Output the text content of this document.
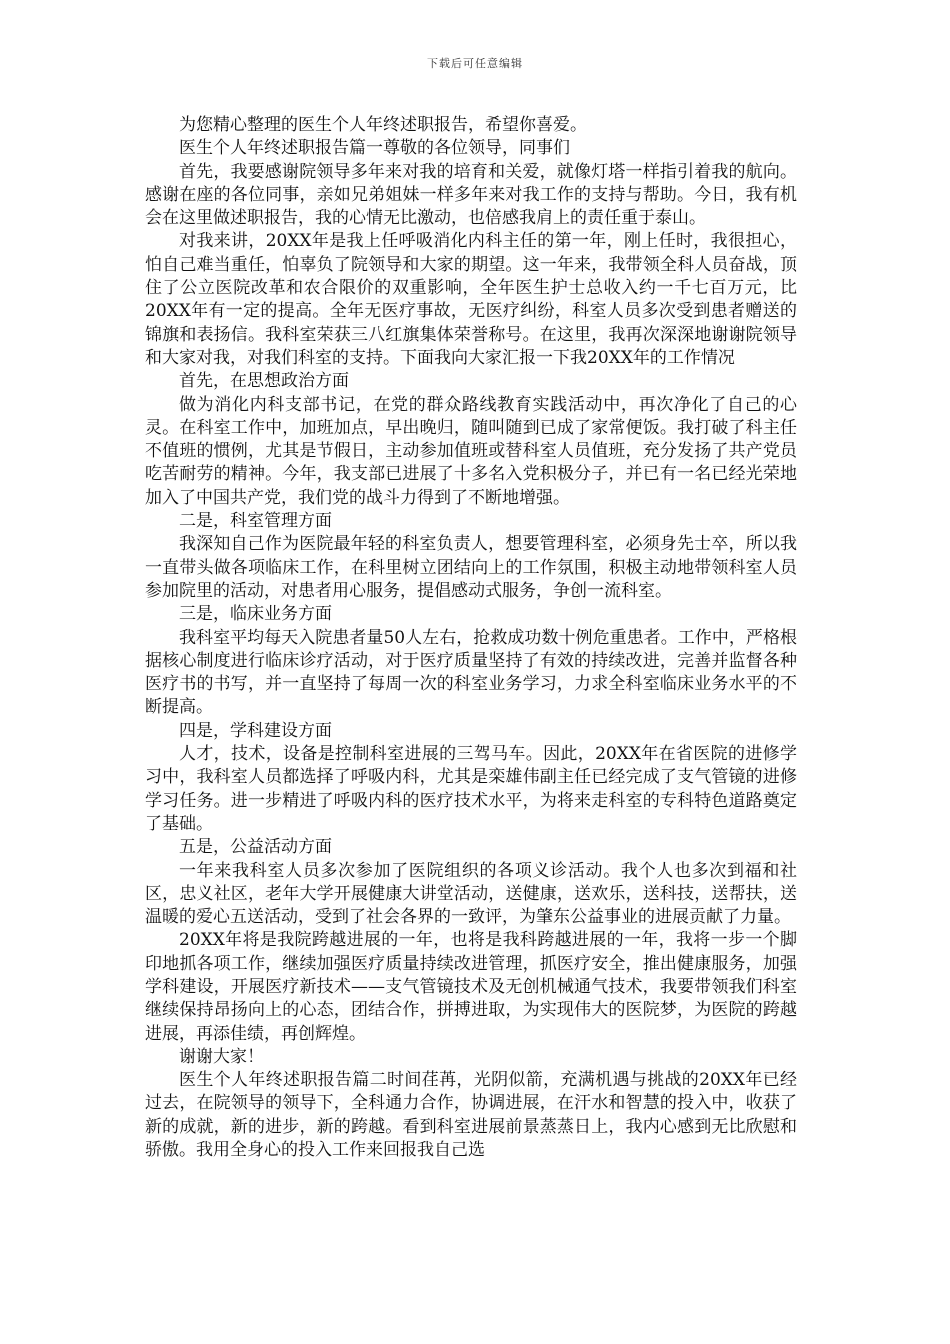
下载后可任意编辑

为您精心整理的医生个人年终述职报告，希望你喜爱。

医生个人年终述职报告篇一尊敬的各位领导，同事们

首先，我要感谢院领导多年来对我的培育和关爱，就像灯塔一样指引着我的航向。感谢在座的各位同事，亲如兄弟姐妹一样多年来对我工作的支持与帮助。今日，我有机会在这里做述职报告，我的心情无比激动，也倍感我肩上的责任重于泰山。

对我来讲，20XX年是我上任呼吸消化内科主任的第一年，刚上任时，我很担心，怕自己难当重任，怕辜负了院领导和大家的期望。这一年来，我带领全科人员奋战，顶住了公立医院改革和农合限价的双重影响，全年医生护士总收入约一千七百万元，比20XX年有一定的提高。全年无医疗事故，无医疗纠纷，科室人员多次受到患者赠送的锦旗和表扬信。我科室荣获三八红旗集体荣誉称号。在这里，我再次深深地谢谢院领导和大家对我，对我们科室的支持。下面我向大家汇报一下我20XX年的工作情况

首先，在思想政治方面

做为消化内科支部书记，在党的群众路线教育实践活动中，再次净化了自己的心灵。在科室工作中，加班加点，早出晚归，随叫随到已成了家常便饭。我打破了科主任不值班的惯例，尤其是节假日，主动参加值班或替科室人员值班，充分发扬了共产党员吃苦耐劳的精神。今年，我支部已进展了十多名入党积极分子，并已有一名已经光荣地加入了中国共产党，我们党的战斗力得到了不断地增强。

二是，科室管理方面

我深知自己作为医院最年轻的科室负责人，想要管理科室，必须身先士卒，所以我一直带头做各项临床工作，在科里树立团结向上的工作氛围，积极主动地带领科室人员参加院里的活动，对患者用心服务，提倡感动式服务，争创一流科室。

三是，临床业务方面

我科室平均每天入院患者量50人左右，抢救成功数十例危重患者。工作中，严格根据核心制度进行临床诊疗活动，对于医疗质量坚持了有效的持续改进，完善并监督各种医疗书的书写，并一直坚持了每周一次的科室业务学习，力求全科室临床业务水平的不断提高。

四是，学科建设方面

人才，技术，设备是控制科室进展的三驾马车。因此，20XX年在省医院的进修学习中，我科室人员都选择了呼吸内科，尤其是栾雄伟副主任已经完成了支气管镜的进修学习任务。进一步精进了呼吸内科的医疗技术水平，为将来走科室的专科特色道路奠定了基础。

五是，公益活动方面

一年来我科室人员多次参加了医院组织的各项义诊活动。我个人也多次到福和社区，忠义社区，老年大学开展健康大讲堂活动，送健康，送欢乐，送科技，送帮扶，送温暖的爱心五送活动，受到了社会各界的一致评，为肇东公益事业的进展贡献了力量。

20XX年将是我院跨越进展的一年，也将是我科跨越进展的一年，我将一步一个脚印地抓各项工作，继续加强医疗质量持续改进管理，抓医疗安全，推出健康服务，加强学科建设，开展医疗新技术——支气管镜技术及无创机械通气技术，我要带领我们科室继续保持昂扬向上的心态，团结合作，拼搏进取，为实现伟大的医院梦，为医院的跨越进展，再添佳绩，再创辉煌。

谢谢大家！

医生个人年终述职报告篇二时间荏苒，光阴似箭，充满机遇与挑战的20XX年已经过去，在院领导的领导下，全科通力合作，协调进展，在汗水和智慧的投入中，收获了新的成就，新的进步，新的跨越。看到科室进展前景蒸蒸日上，我内心感到无比欣慰和骄傲。我用全身心的投入工作来回报我自己选
